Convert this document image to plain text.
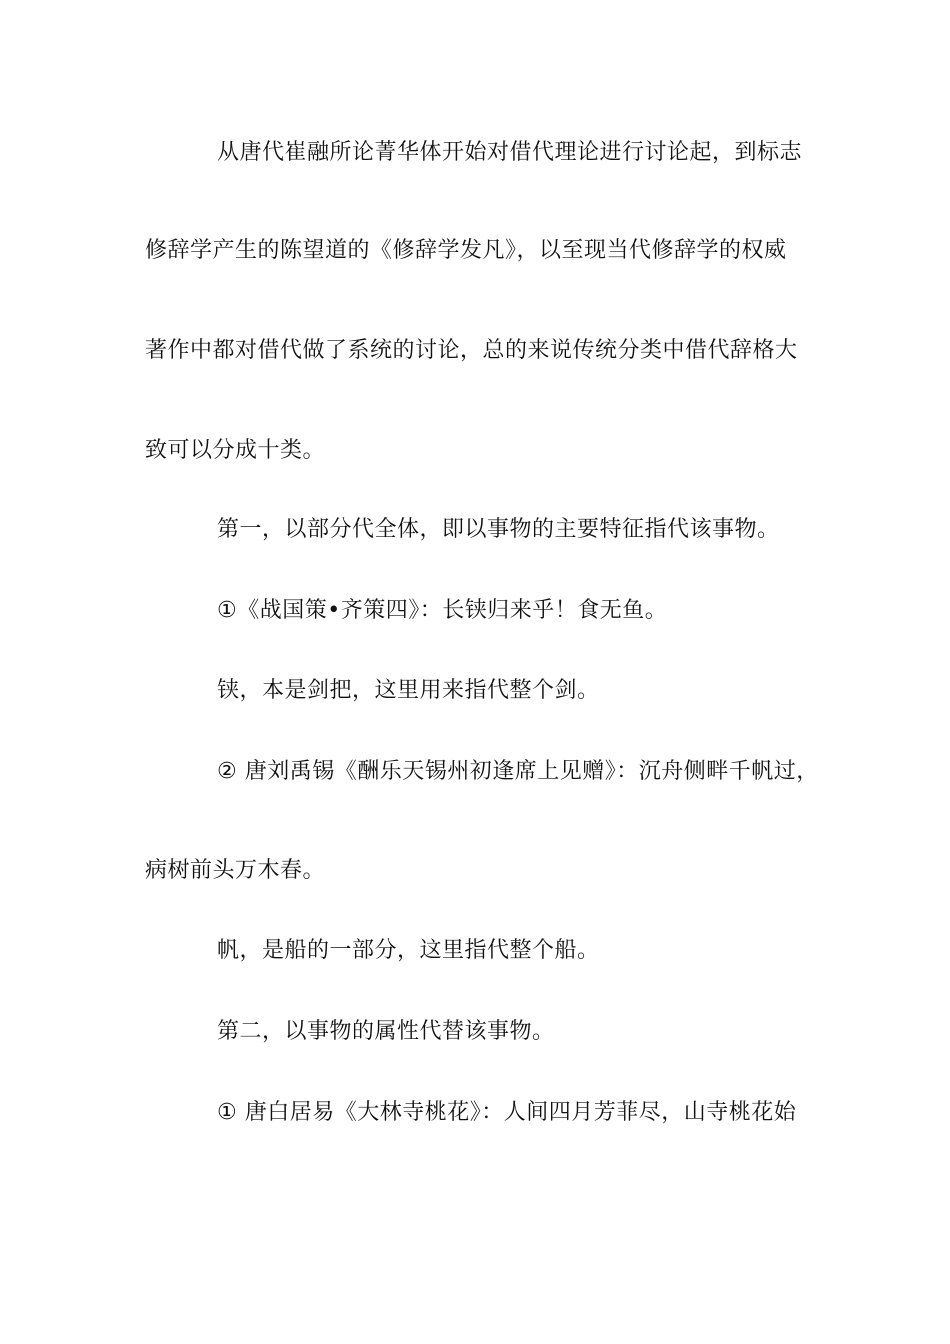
从唐代崔融所论菁华体开始对借代理论进行讨论起，到标志
修辞学产生的陈望道的《修辞学发凡》，以至现当代修辞学的权威
著作中都对借代做了系统的讨论，总的来说传统分类中借代辞格大
致可以分成十类。
第一，以部分代全体，即以事物的主要特征指代该事物。
①《战国策•齐策四》：长铗归来乎！食无鱼。
铗，本是剑把，这里用来指代整个剑。
② 唐刘禹锡《酬乐天锡州初逢席上见赠》：沉舟侧畔千帆过，
病树前头万木春。
帆，是船的一部分，这里指代整个船。
第二，以事物的属性代替该事物。
① 唐白居易《大林寺桃花》：人间四月芳菲尽，山寺桃花始
